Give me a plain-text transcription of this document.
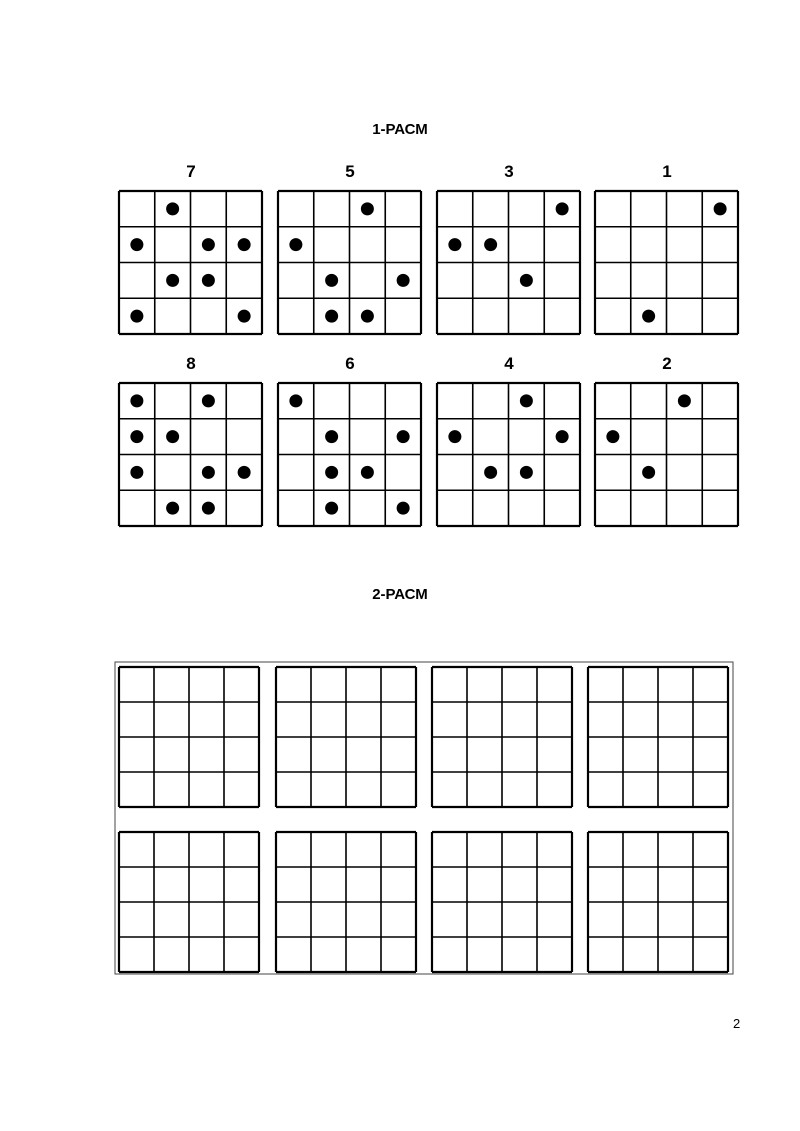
1-РАСМ
2-РАСМ
7	5	3	1
8	6	4	2
2
